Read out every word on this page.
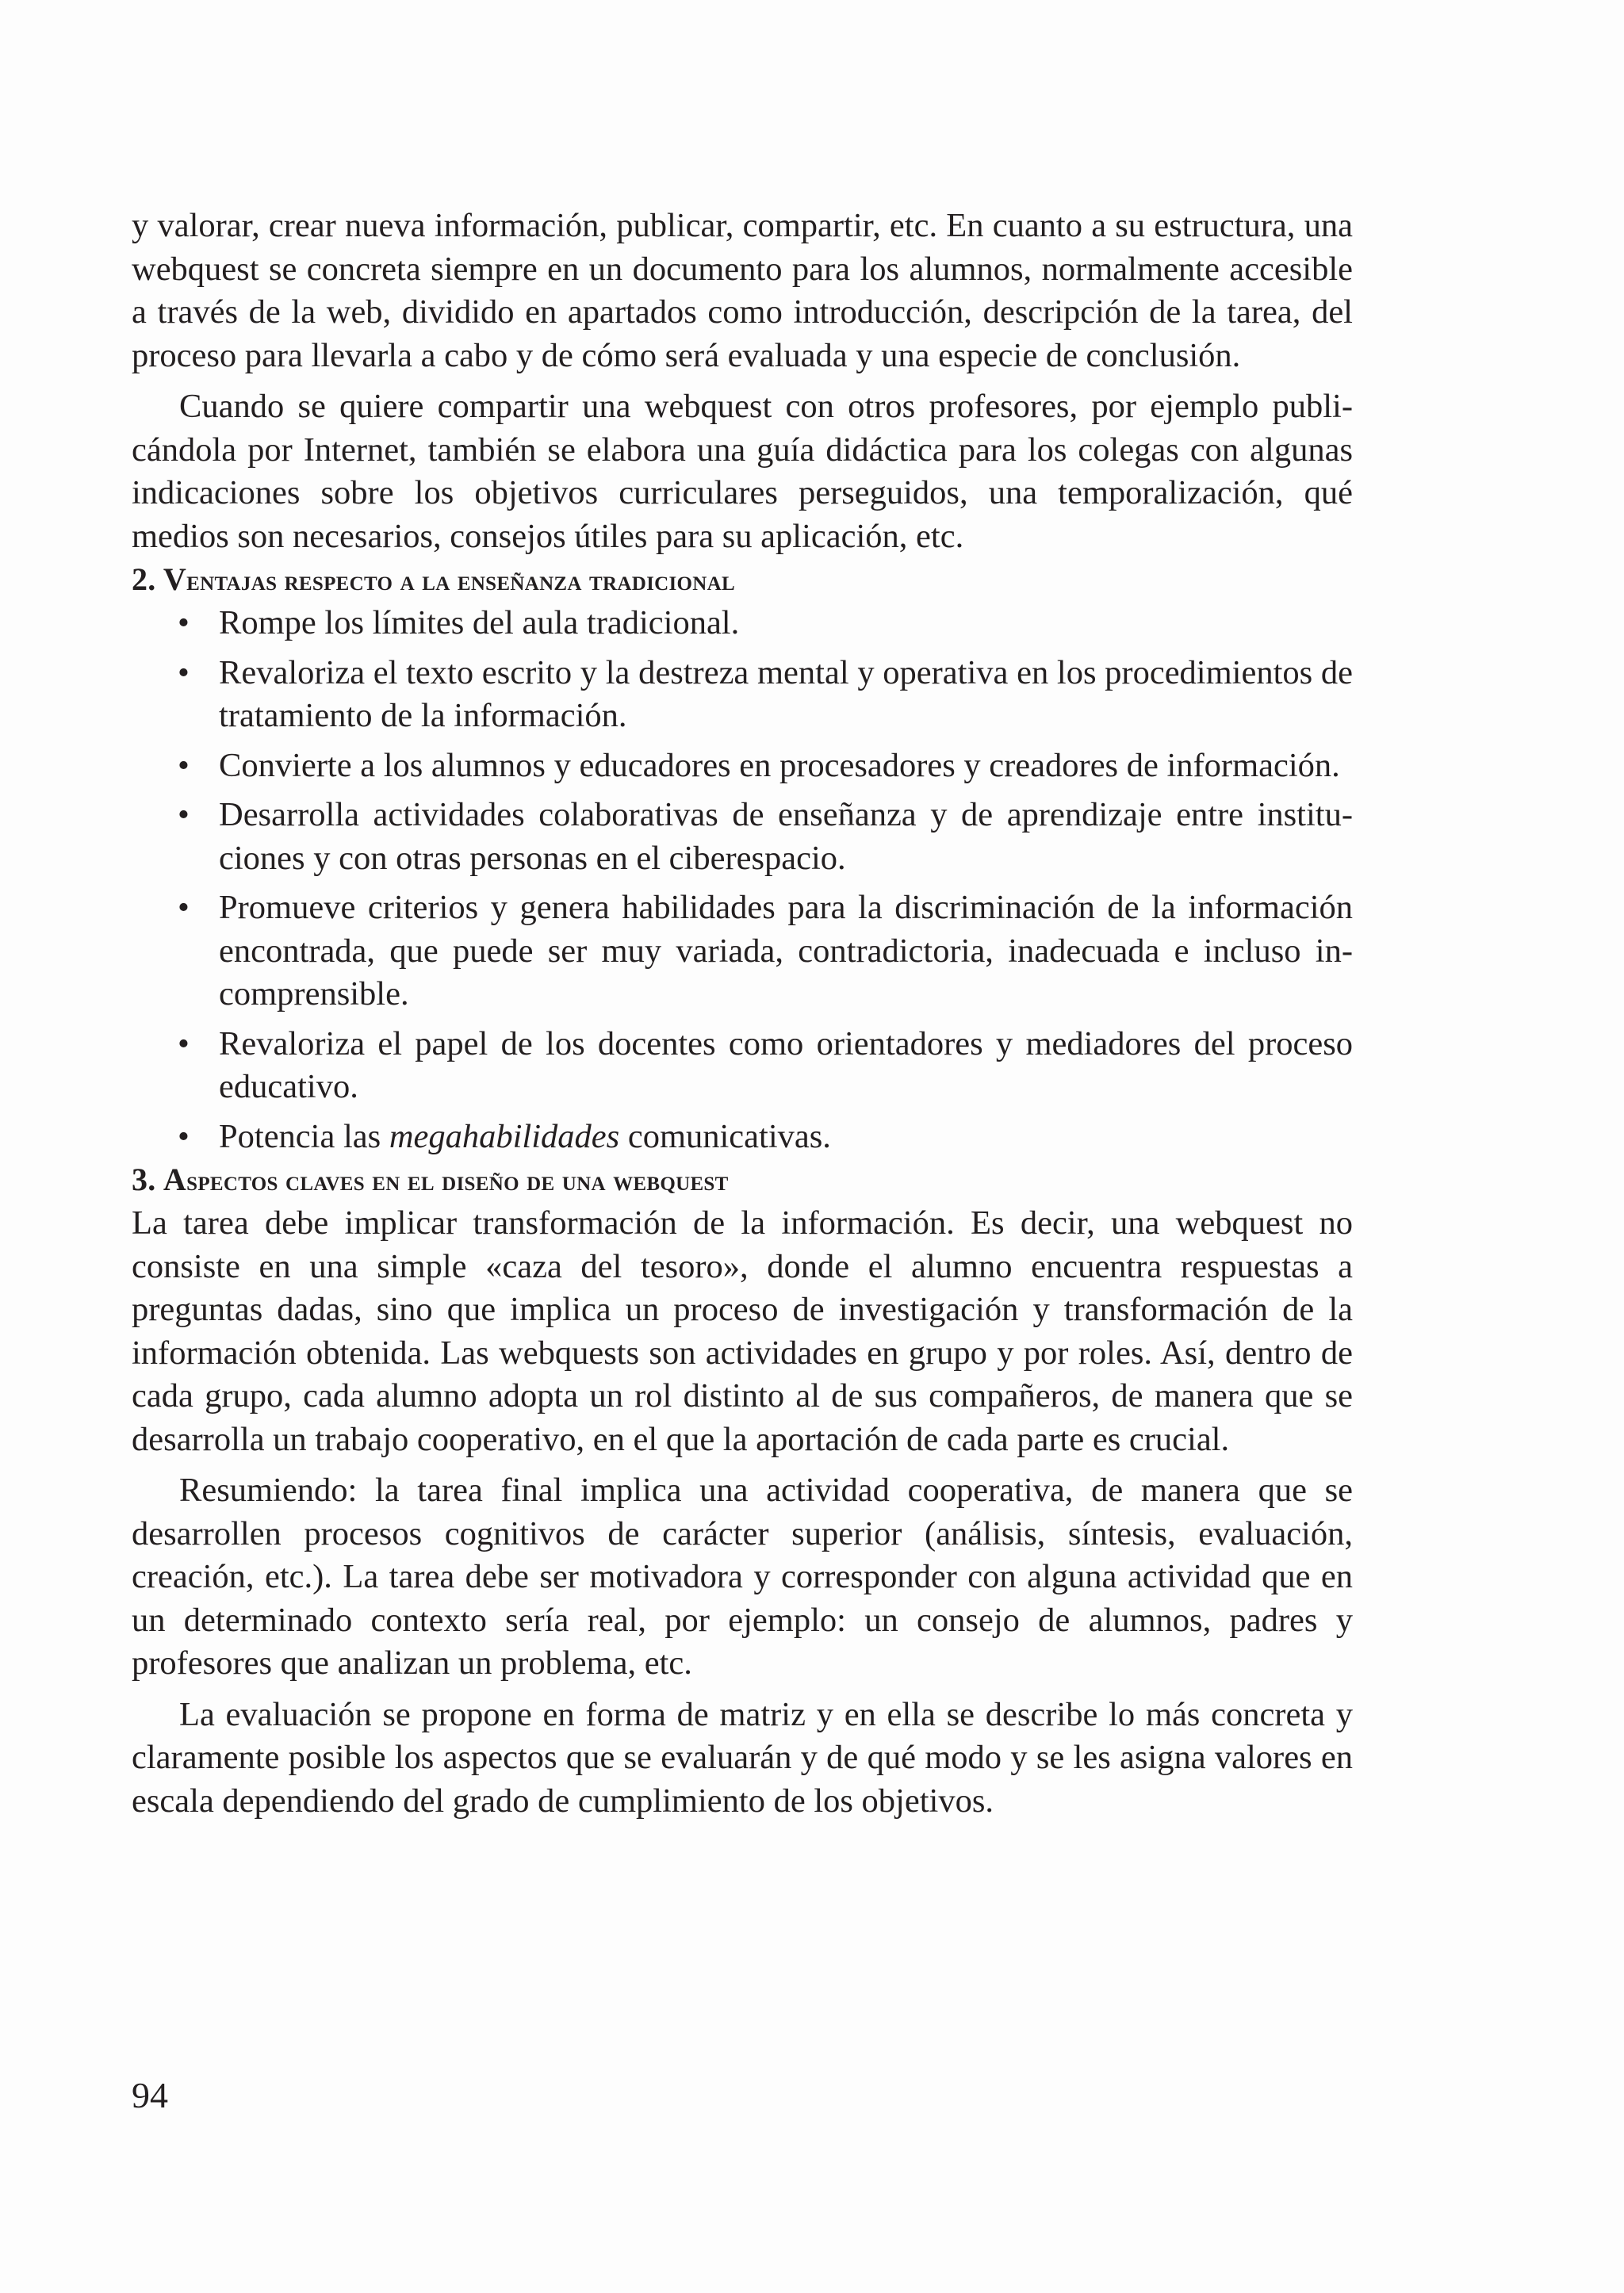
y valorar, crear nueva información, publicar, compartir, etc. En cuanto a su estructura, una webquest se concreta siempre en un documento para los alumnos, normalmente accesible a través de la web, dividido en apartados como introducción, descripción de la tarea, del proceso para llevarla a cabo y de cómo será evaluada y una especie de conclusión.

Cuando se quiere compartir una webquest con otros profesores, por ejemplo publicándola por Internet, también se elabora una guía didáctica para los colegas con algunas indicaciones sobre los objetivos curriculares perseguidos, una temporalización, qué medios son necesarios, consejos útiles para su aplicación, etc.

2. Ventajas respecto a la enseñanza tradicional
• Rompe los límites del aula tradicional.
• Revaloriza el texto escrito y la destreza mental y operativa en los procedimientos de tratamiento de la información.
• Convierte a los alumnos y educadores en procesadores y creadores de información.
• Desarrolla actividades colaborativas de enseñanza y de aprendizaje entre instituciones y con otras personas en el ciberespacio.
• Promueve criterios y genera habilidades para la discriminación de la información encontrada, que puede ser muy variada, contradictoria, inadecuada e incluso incomprensible.
• Revaloriza el papel de los docentes como orientadores y mediadores del proceso educativo.
• Potencia las megahabilidades comunicativas.
3. Aspectos claves en el diseño de una webquest

La tarea debe implicar transformación de la información. Es decir, una webquest no consiste en una simple «caza del tesoro», donde el alumno encuentra respuestas a preguntas dadas, sino que implica un proceso de investigación y transformación de la información obtenida. Las webquests son actividades en grupo y por roles. Así, dentro de cada grupo, cada alumno adopta un rol distinto al de sus compañeros, de manera que se desarrolla un trabajo cooperativo, en el que la aportación de cada parte es crucial.

Resumiendo: la tarea final implica una actividad cooperativa, de manera que se desarrollen procesos cognitivos de carácter superior (análisis, síntesis, evaluación, creación, etc.). La tarea debe ser motivadora y corresponder con alguna actividad que en un determinado contexto sería real, por ejemplo: un consejo de alumnos, padres y profesores que analizan un problema, etc.

La evaluación se propone en forma de matriz y en ella se describe lo más concreta y claramente posible los aspectos que se evaluarán y de qué modo y se les asigna valores en escala dependiendo del grado de cumplimiento de los objetivos.

94
